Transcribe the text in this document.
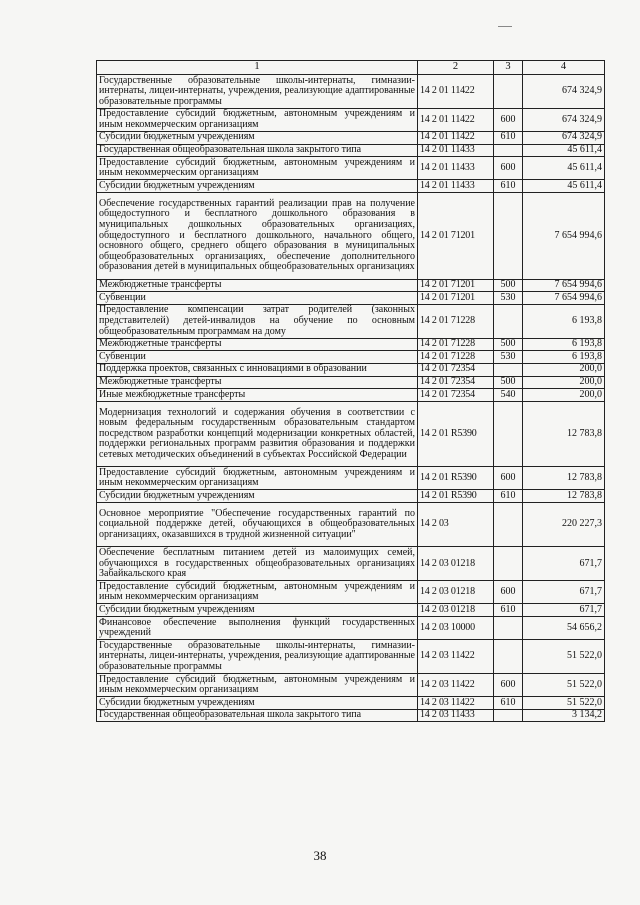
1	2	3	4
Государственные образовательные школы-интернаты, гимназии-интернаты, лицеи-интернаты, учреждения, реализующие адаптированные образовательные программы	14 2 01 11422		674 324,9
Предоставление субсидий бюджетным, автономным учреждениям и иным некоммерческим организациям	14 2 01 11422	600	674 324,9
Субсидии бюджетным учреждениям	14 2 01 11422	610	674 324,9
Государственная общеобразовательная школа закрытого типа	14 2 01 11433		45 611,4
Предоставление субсидий бюджетным, автономным учреждениям и иным некоммерческим организациям	14 2 01 11433	600	45 611,4
Субсидии бюджетным учреждениям	14 2 01 11433	610	45 611,4
Обеспечение государственных гарантий реализации прав на получение общедоступного и бесплатного дошкольного образования в муниципальных дошкольных образовательных организациях, общедоступного и бесплатного дошкольного, начального общего, основного общего, среднего общего образования в муниципальных общеобразовательных организациях, обеспечение дополнительного образования детей в муниципальных общеобразовательных организациях	14 2 01 71201		7 654 994,6
Межбюджетные трансферты	14 2 01 71201	500	7 654 994,6
Субвенции	14 2 01 71201	530	7 654 994,6
Предоставление компенсации затрат родителей (законных представителей) детей-инвалидов на обучение по основным общеобразовательным программам на дому	14 2 01 71228		6 193,8
Межбюджетные трансферты	14 2 01 71228	500	6 193,8
Субвенции	14 2 01 71228	530	6 193,8
Поддержка проектов, связанных с инновациями в образовании	14 2 01 72354		200,0
Межбюджетные трансферты	14 2 01 72354	500	200,0
Иные межбюджетные трансферты	14 2 01 72354	540	200,0
Модернизация технологий и содержания обучения в соответствии с новым федеральным государственным образовательным стандартом посредством разработки концепций модернизации конкретных областей, поддержки региональных программ развития образования и поддержки сетевых методических объединений в субъектах Российской Федерации	14 2 01 R5390		12 783,8
Предоставление субсидий бюджетным, автономным учреждениям и иным некоммерческим организациям	14 2 01 R5390	600	12 783,8
Субсидии бюджетным учреждениям	14 2 01 R5390	610	12 783,8
Основное мероприятие "Обеспечение государственных гарантий по социальной поддержке детей, обучающихся в общеобразовательных организациях, оказавшихся в трудной жизненной ситуации"	14 2 03		220 227,3
Обеспечение бесплатным питанием детей из малоимущих семей, обучающихся в государственных общеобразовательных организациях Забайкальского края	14 2 03 01218		671,7
Предоставление субсидий бюджетным, автономным учреждениям и иным некоммерческим организациям	14 2 03 01218	600	671,7
Субсидии бюджетным учреждениям	14 2 03 01218	610	671,7
Финансовое обеспечение выполнения функций государственных учреждений	14 2 03 10000		54 656,2
Государственные образовательные школы-интернаты, гимназии-интернаты, лицеи-интернаты, учреждения, реализующие адаптированные образовательные программы	14 2 03 11422		51 522,0
Предоставление субсидий бюджетным, автономным учреждениям и иным некоммерческим организациям	14 2 03 11422	600	51 522,0
Субсидии бюджетным учреждениям	14 2 03 11422	610	51 522,0
Государственная общеобразовательная школа закрытого типа	14 2 03 11433		3 134,2
38
